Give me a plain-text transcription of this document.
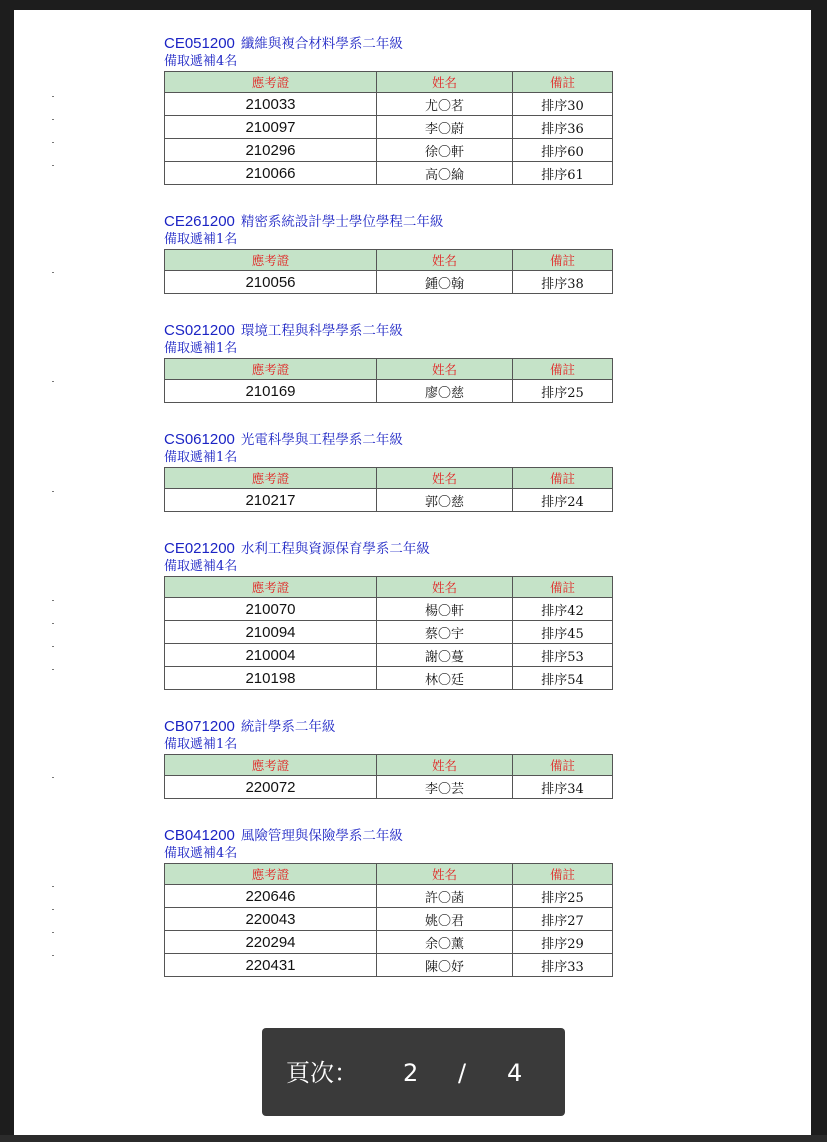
CE051200 纖維與複合材料學系二年級
備取遞補4名
應考證	姓名	備註
210033	尤〇茗	排序30
210097	李〇蔚	排序36
210296	徐〇軒	排序60
210066	高〇綸	排序61
CE261200 精密系統設計學士學位學程二年級
備取遞補1名
應考證	姓名	備註
210056	鍾〇翰	排序38
CS021200 環境工程與科學學系二年級
備取遞補1名
應考證	姓名	備註
210169	廖〇慈	排序25
CS061200 光電科學與工程學系二年級
備取遞補1名
應考證	姓名	備註
210217	郭〇慈	排序24
CE021200 水利工程與資源保育學系二年級
備取遞補4名
應考證	姓名	備註
210070	楊〇軒	排序42
210094	蔡〇宇	排序45
210004	謝〇蔓	排序53
210198	林〇廷	排序54
CB071200 統計學系二年級
備取遞補1名
應考證	姓名	備註
220072	李〇芸	排序34
CB041200 風險管理與保險學系二年級
備取遞補4名
應考證	姓名	備註
220646	許〇菡	排序25
220043	姚〇君	排序27
220294	余〇薰	排序29
220431	陳〇妤	排序33
頁次： 2 / 4
